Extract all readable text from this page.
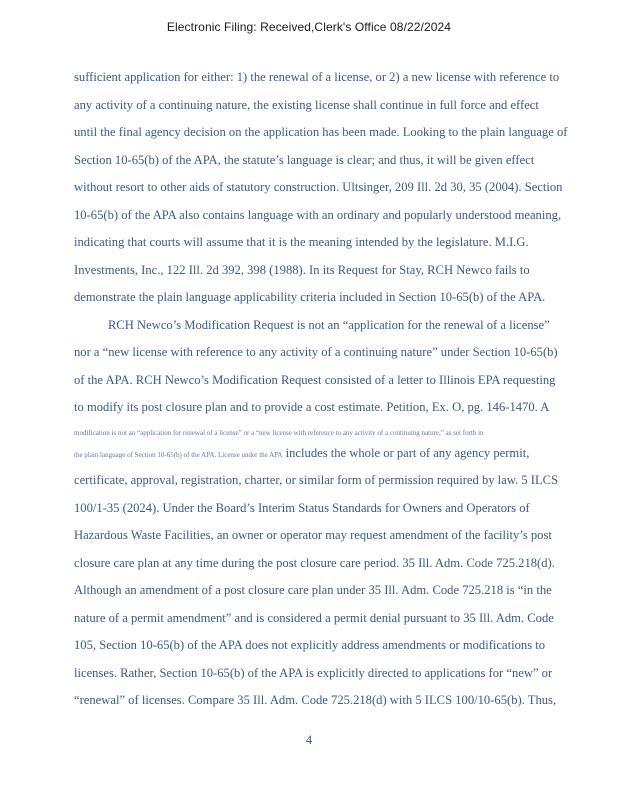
Electronic Filing: Received,Clerk's Office 08/22/2024
sufficient application for either: 1) the renewal of a license, or 2) a new license with reference to
any activity of a continuing nature, the existing license shall continue in full force and effect
until the final agency decision on the application has been made. Looking to the plain language of
Section 10-65(b) of the APA, the statute’s language is clear; and thus, it will be given effect
without resort to other aids of statutory construction. Ultsinger, 209 Ill. 2d 30, 35 (2004). Section
10-65(b) of the APA also contains language with an ordinary and popularly understood meaning,
indicating that courts will assume that it is the meaning intended by the legislature. M.I.G.
Investments, Inc., 122 Ill. 2d 392, 398 (1988). In its Request for Stay, RCH Newco fails to
demonstrate the plain language applicability criteria included in Section 10-65(b) of the APA.
RCH Newco’s Modification Request is not an “application for the renewal of a license”
nor a “new license with reference to any activity of a continuing nature” under Section 10-65(b)
of the APA. RCH Newco’s Modification Request consisted of a letter to Illinois EPA requesting
to modify its post closure plan and to provide a cost estimate. Petition, Ex. O, pg. 146-1470. A
modification is not an “application for renewal of a license” or a “new license with reference to any activity of a continuing nature,” as set forth in
the plain language of Section 10-65(b) of the APA. License under the APA includes the whole or part of any agency permit,
certificate, approval, registration, charter, or similar form of permission required by law. 5 ILCS
100/1-35 (2024). Under the Board’s Interim Status Standards for Owners and Operators of
Hazardous Waste Facilities, an owner or operator may request amendment of the facility’s post
closure care plan at any time during the post closure care period. 35 Ill. Adm. Code 725.218(d).
Although an amendment of a post closure care plan under 35 Ill. Adm. Code 725.218 is “in the
nature of a permit amendment” and is considered a permit denial pursuant to 35 Ill. Adm. Code
105, Section 10-65(b) of the APA does not explicitly address amendments or modifications to
licenses. Rather, Section 10-65(b) of the APA is explicitly directed to applications for “new” or
“renewal” of licenses. Compare 35 Ill. Adm. Code 725.218(d) with 5 ILCS 100/10-65(b). Thus,
4
